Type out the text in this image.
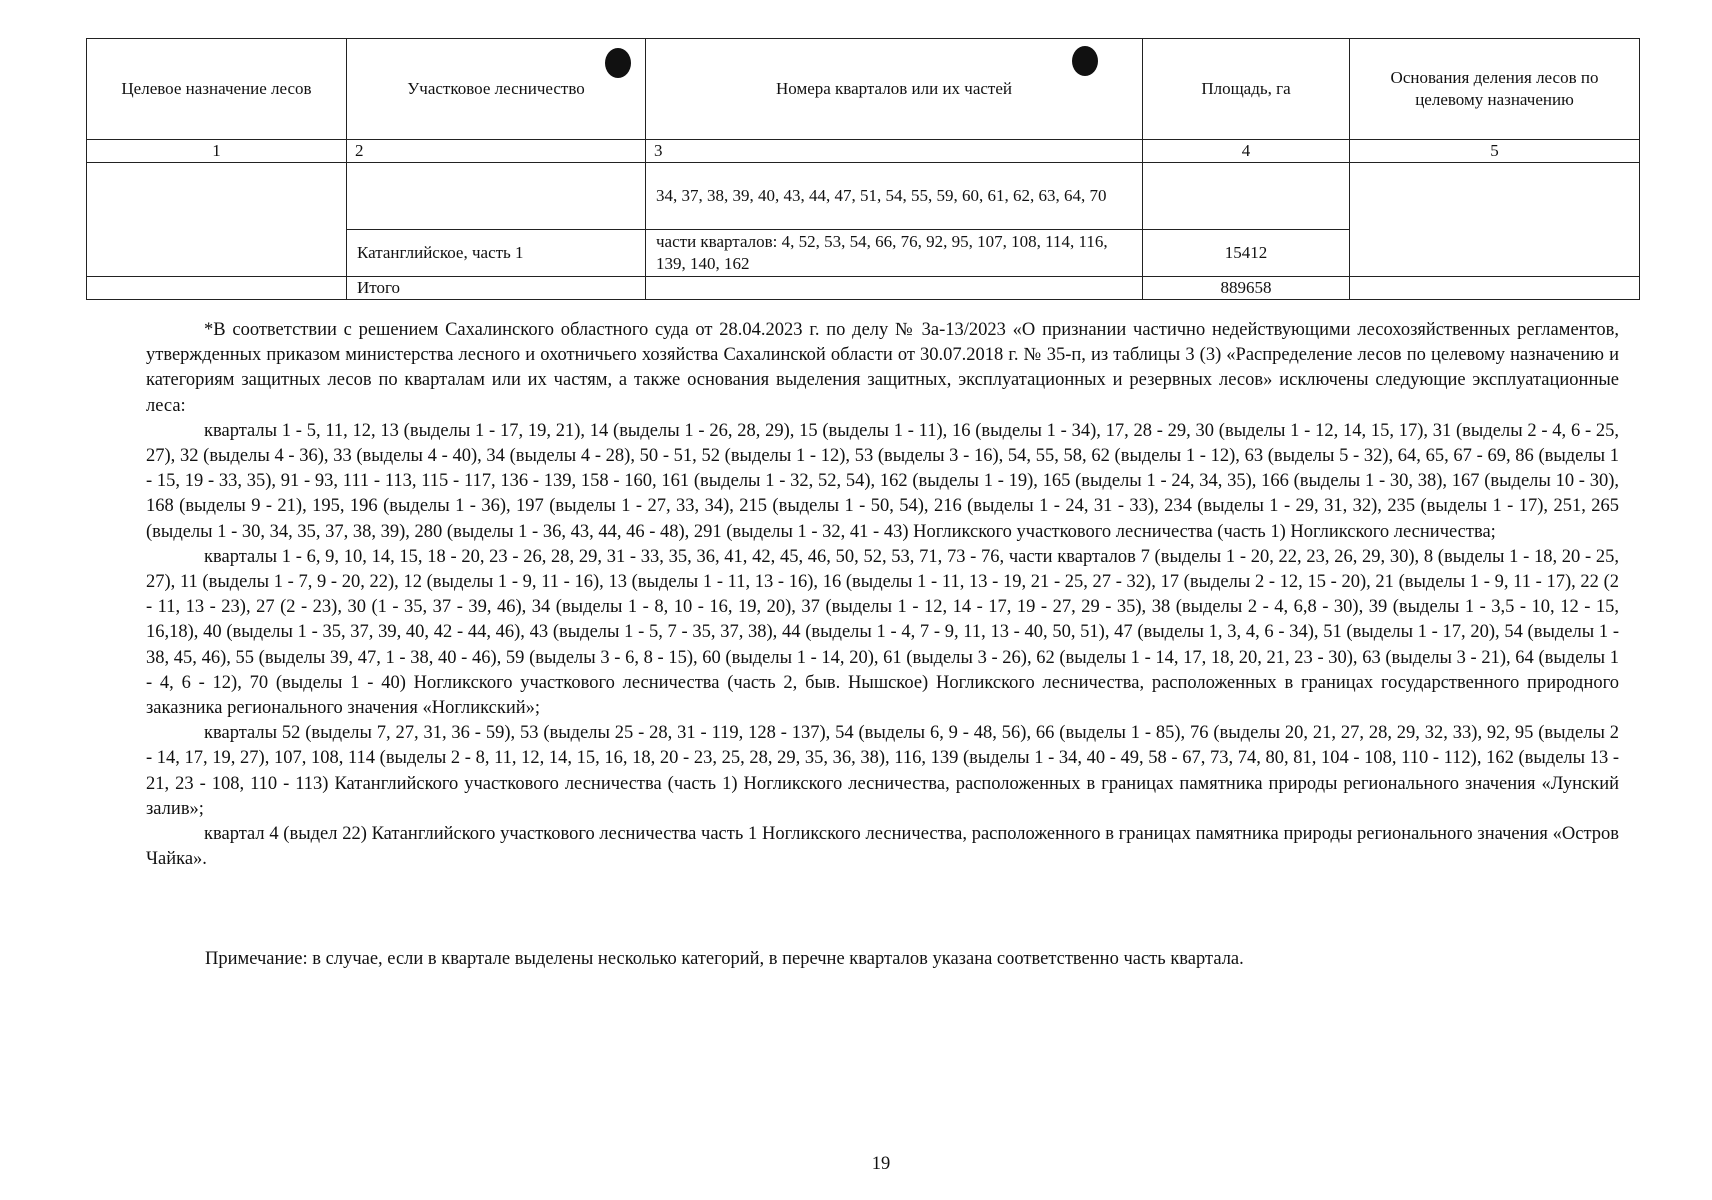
Целевое назначение лесов	Участковое лесничество	Номера кварталов или их частей	Площадь, га	Основания деления лесов по целевому назначению
1	2	3	4	5
		34, 37, 38, 39, 40, 43, 44, 47, 51, 54, 55, 59, 60, 61, 62, 63, 64, 70		
	Катанглийское, часть 1	части кварталов: 4, 52, 53, 54, 66, 76, 92, 95, 107, 108, 114, 116, 139, 140, 162	15412	
	Итого		889658	

*В соответствии с решением Сахалинского областного суда от 28.04.2023 г. по делу № 3а-13/2023 «О признании частично недействующими лесохозяйственных регламентов, утвержденных приказом министерства лесного и охотничьего хозяйства Сахалинской области от 30.07.2018 г. № 35-п, из таблицы 3 (3) «Распределение лесов по целевому назначению и категориям защитных лесов по кварталам или их частям, а также основания выделения защитных, эксплуатационных и резервных лесов» исключены следующие эксплуатационные леса:

кварталы 1 - 5, 11, 12, 13 (выделы 1 - 17, 19, 21), 14 (выделы 1 - 26, 28, 29), 15 (выделы 1 - 11), 16 (выделы 1 - 34), 17, 28 - 29, 30 (выделы 1 - 12, 14, 15, 17), 31 (выделы 2 - 4, 6 - 25, 27), 32 (выделы 4 - 36), 33 (выделы 4 - 40), 34 (выделы 4 - 28), 50 - 51, 52 (выделы 1 - 12), 53 (выделы 3 - 16), 54, 55, 58, 62 (выделы 1 - 12), 63 (выделы 5 - 32), 64, 65, 67 - 69, 86 (выделы 1 - 15, 19 - 33, 35), 91 - 93, 111 - 113, 115 - 117, 136 - 139, 158 - 160, 161 (выделы 1 - 32, 52, 54), 162 (выделы 1 - 19), 165 (выделы 1 - 24, 34, 35), 166 (выделы 1 - 30, 38), 167 (выделы 10 - 30), 168 (выделы 9 - 21), 195, 196 (выделы 1 - 36), 197 (выделы 1 - 27, 33, 34), 215 (выделы 1 - 50, 54), 216 (выделы 1 - 24, 31 - 33), 234 (выделы 1 - 29, 31, 32), 235 (выделы 1 - 17), 251, 265 (выделы 1 - 30, 34, 35, 37, 38, 39), 280 (выделы 1 - 36, 43, 44, 46 - 48), 291 (выделы 1 - 32, 41 - 43) Ногликского участкового лесничества (часть 1) Ногликского лесничества;

кварталы 1 - 6, 9, 10, 14, 15, 18 - 20, 23 - 26, 28, 29, 31 - 33, 35, 36, 41, 42, 45, 46, 50, 52, 53, 71, 73 - 76, части кварталов 7 (выделы 1 - 20, 22, 23, 26, 29, 30), 8 (выделы 1 - 18, 20 - 25, 27), 11 (выделы 1 - 7, 9 - 20, 22), 12 (выделы 1 - 9, 11 - 16), 13 (выделы 1 - 11, 13 - 16), 16 (выделы 1 - 11, 13 - 19, 21 - 25, 27 - 32), 17 (выделы 2 - 12, 15 - 20), 21 (выделы 1 - 9, 11 - 17), 22 (2 - 11, 13 - 23), 27 (2 - 23), 30 (1 - 35, 37 - 39, 46), 34 (выделы 1 - 8, 10 - 16, 19, 20), 37 (выделы 1 - 12, 14 - 17, 19 - 27, 29 - 35), 38 (выделы 2 - 4, 6,8 - 30), 39 (выделы 1 - 3,5 - 10, 12 - 15, 16,18), 40 (выделы 1 - 35, 37, 39, 40, 42 - 44, 46), 43 (выделы 1 - 5, 7 - 35, 37, 38), 44 (выделы 1 - 4, 7 - 9, 11, 13 - 40, 50, 51), 47 (выделы 1, 3, 4, 6 - 34), 51 (выделы 1 - 17, 20), 54 (выделы 1 - 38, 45, 46), 55 (выделы 39, 47, 1 - 38, 40 - 46), 59 (выделы 3 - 6, 8 - 15), 60 (выделы 1 - 14, 20), 61 (выделы 3 - 26), 62 (выделы 1 - 14, 17, 18, 20, 21, 23 - 30), 63 (выделы 3 - 21), 64 (выделы 1 - 4, 6 - 12), 70 (выделы 1 - 40) Ногликского участкового лесничества (часть 2, быв. Нышское) Ногликского лесничества, расположенных в границах государственного природного заказника регионального значения «Ногликский»;

кварталы 52 (выделы 7, 27, 31, 36 - 59), 53 (выделы 25 - 28, 31 - 119, 128 - 137), 54 (выделы 6, 9 - 48, 56), 66 (выделы 1 - 85), 76 (выделы 20, 21, 27, 28, 29, 32, 33), 92, 95 (выделы 2 - 14, 17, 19, 27), 107, 108, 114 (выделы 2 - 8, 11, 12, 14, 15, 16, 18, 20 - 23, 25, 28, 29, 35, 36, 38), 116, 139 (выделы 1 - 34, 40 - 49, 58 - 67, 73, 74, 80, 81, 104 - 108, 110 - 112), 162 (выделы 13 - 21, 23 - 108, 110 - 113) Катанглийского участкового лесничества (часть 1) Ногликского лесничества, расположенных в границах памятника природы регионального значения «Лунский залив»;

квартал 4 (выдел 22) Катанглийского участкового лесничества часть 1 Ногликского лесничества, расположенного в границах памятника природы регионального значения «Остров Чайка».

Примечание: в случае, если в квартале выделены несколько категорий, в перечне кварталов указана соответственно часть квартала.
19
